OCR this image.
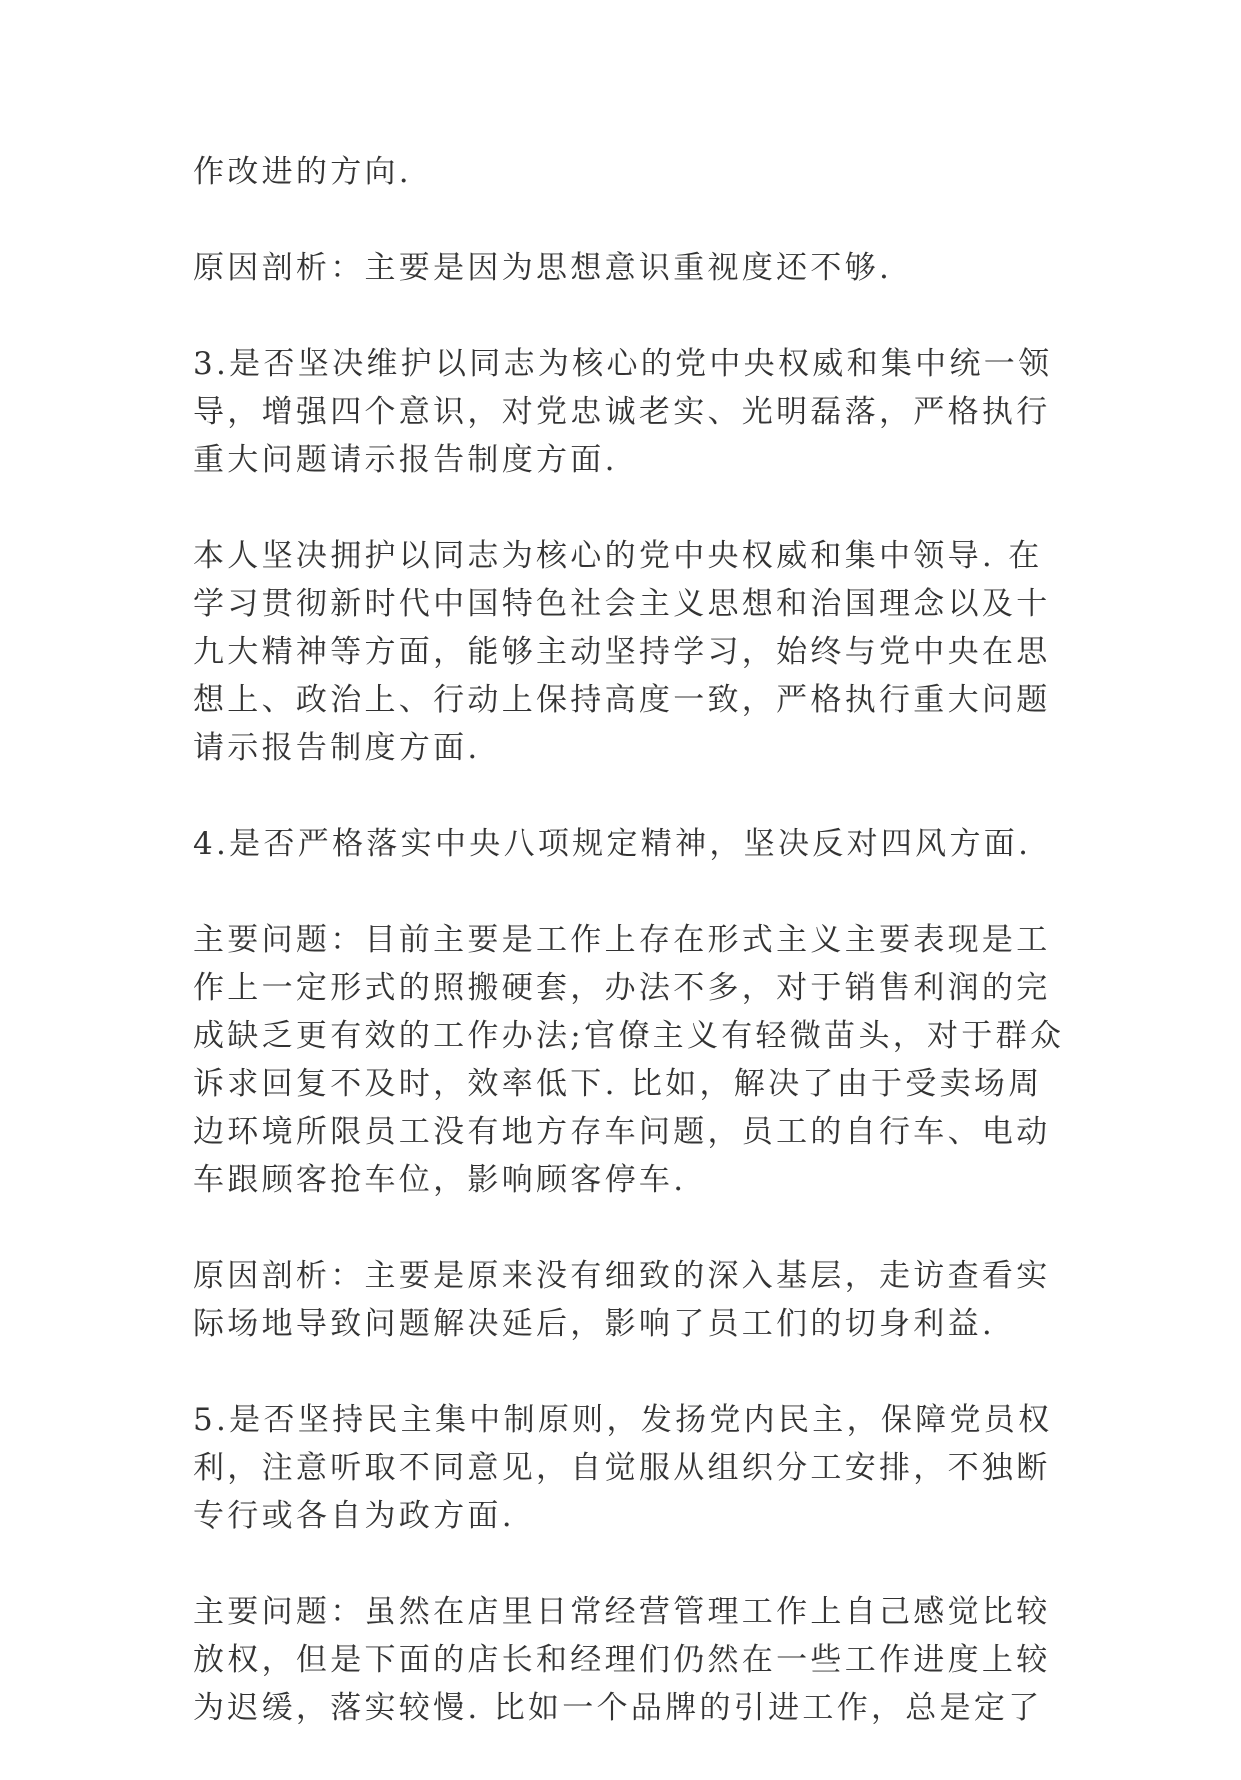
作改进的方向.

原因剖析：主要是因为思想意识重视度还不够.

3.是否坚决维护以同志为核心的党中央权威和集中统一领
导，增强四个意识，对党忠诚老实、光明磊落，严格执行
重大问题请示报告制度方面.

本人坚决拥护以同志为核心的党中央权威和集中领导. 在
学习贯彻新时代中国特色社会主义思想和治国理念以及十
九大精神等方面，能够主动坚持学习，始终与党中央在思
想上、政治上、行动上保持高度一致，严格执行重大问题
请示报告制度方面.

4.是否严格落实中央八项规定精神，坚决反对四风方面.

主要问题：目前主要是工作上存在形式主义主要表现是工
作上一定形式的照搬硬套，办法不多，对于销售利润的完
成缺乏更有效的工作办法;官僚主义有轻微苗头，对于群众
诉求回复不及时，效率低下. 比如，解决了由于受卖场周
边环境所限员工没有地方存车问题，员工的自行车、电动
车跟顾客抢车位，影响顾客停车.

原因剖析：主要是原来没有细致的深入基层，走访查看实
际场地导致问题解决延后，影响了员工们的切身利益.

5.是否坚持民主集中制原则，发扬党内民主，保障党员权
利，注意听取不同意见，自觉服从组织分工安排，不独断
专行或各自为政方面.

主要问题：虽然在店里日常经营管理工作上自己感觉比较
放权，但是下面的店长和经理们仍然在一些工作进度上较
为迟缓，落实较慢. 比如一个品牌的引进工作，总是定了
